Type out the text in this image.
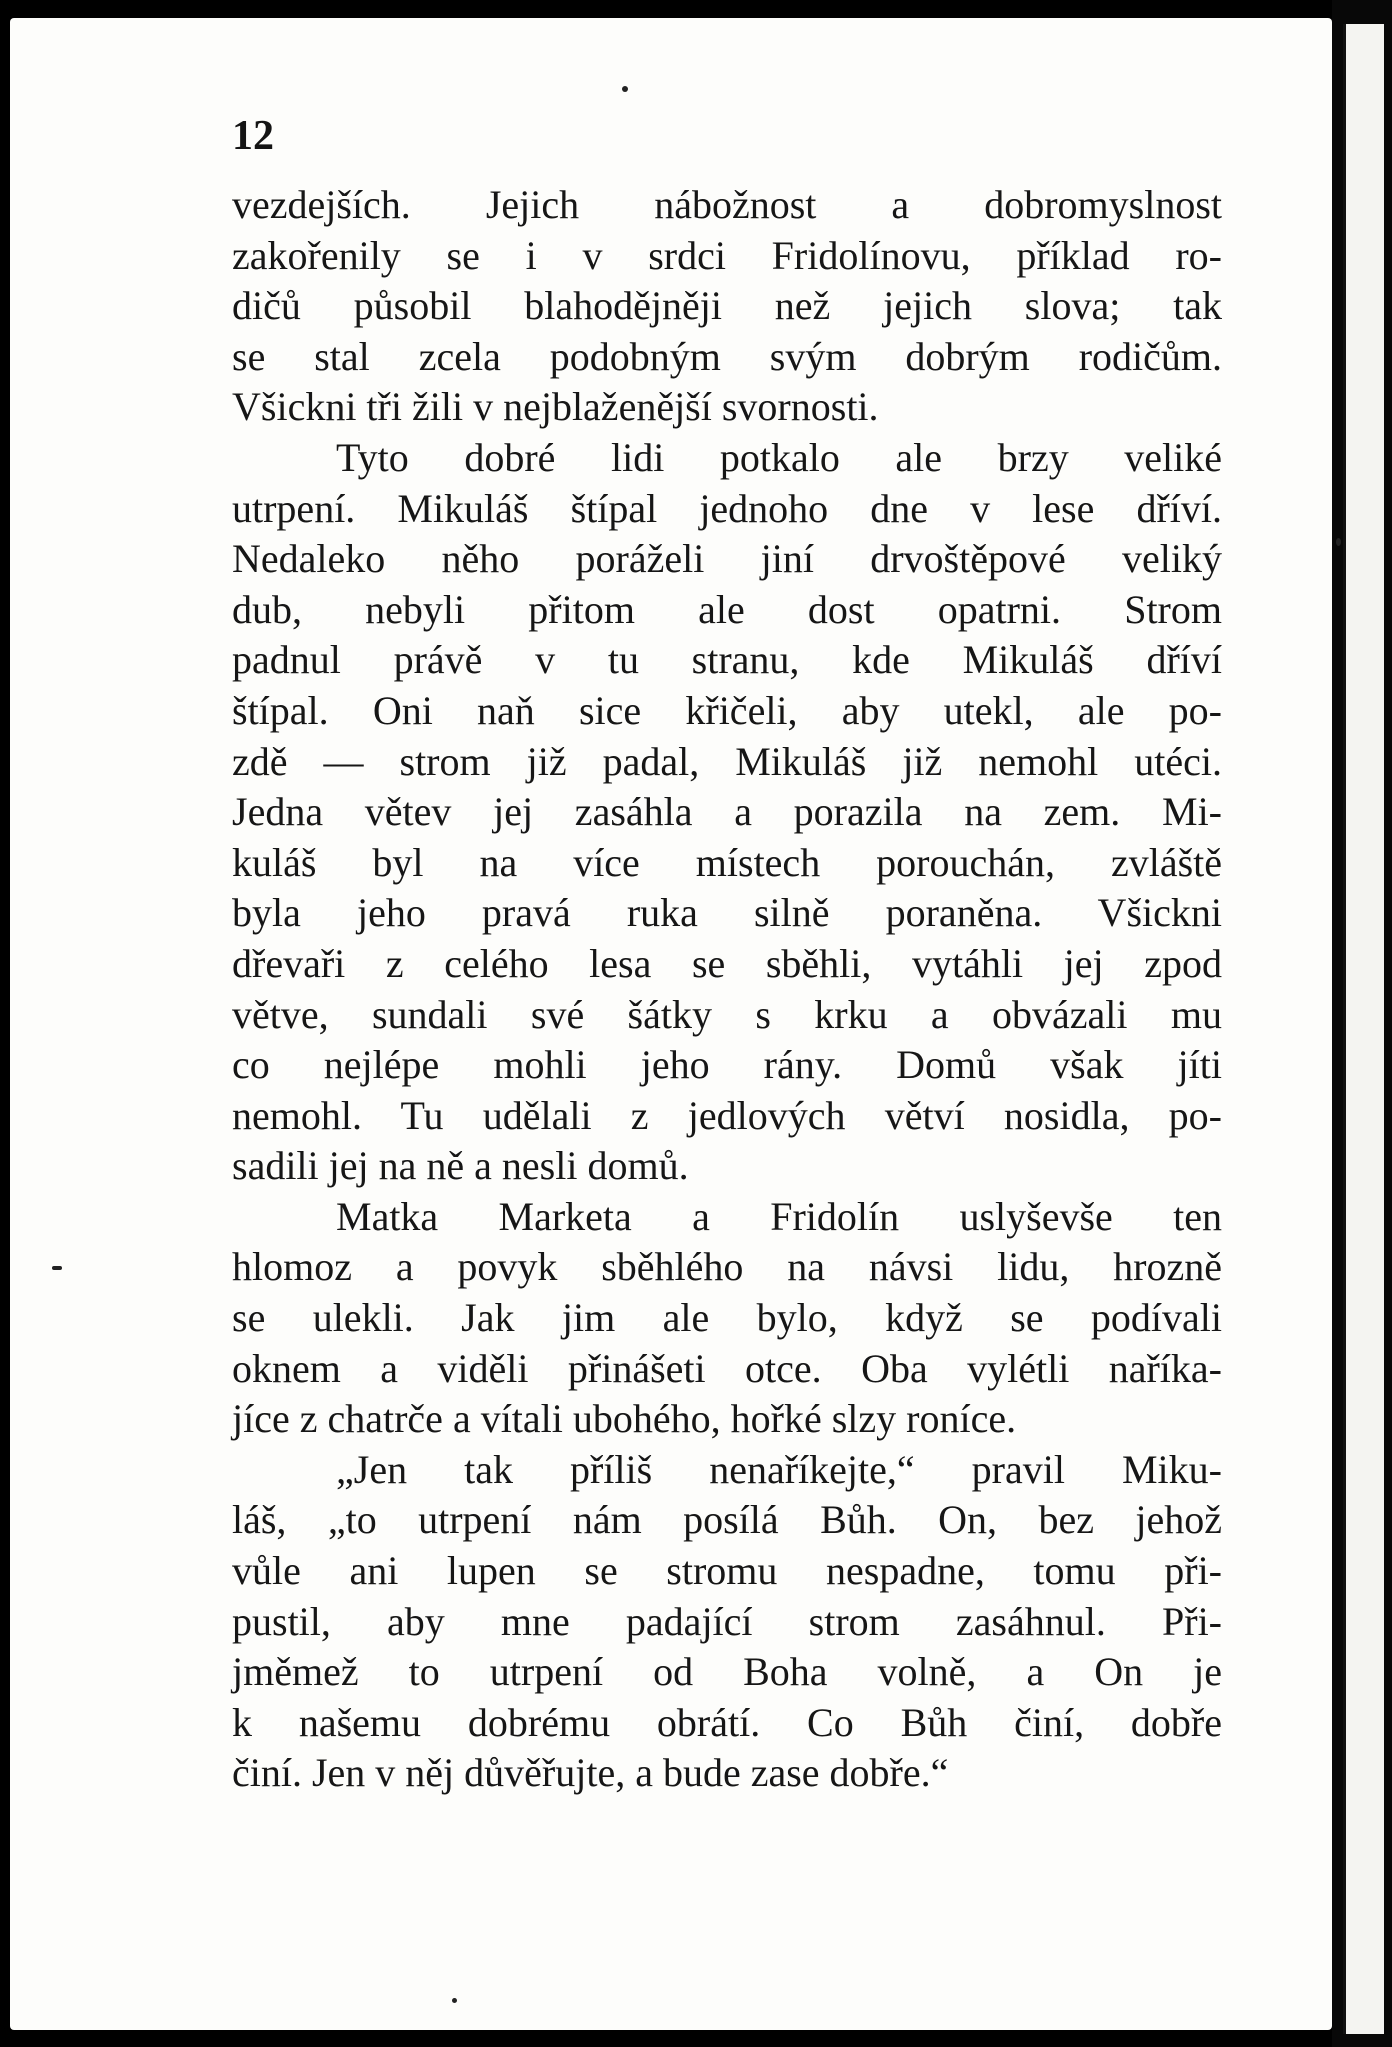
12
vezdejších. Jejich nábožnost a dobromyslnost
zakořenily se i v srdci Fridolínovu, příklad ro-
dičů působil blahodějněji než jejich slova; tak
se stal zcela podobným svým dobrým rodičům.
Všickni tři žili v nejblaženější svornosti.
Tyto dobré lidi potkalo ale brzy veliké
utrpení. Mikuláš štípal jednoho dne v lese dříví.
Nedaleko něho poráželi jiní drvoštěpové veliký
dub, nebyli přitom ale dost opatrni. Strom
padnul právě v tu stranu, kde Mikuláš dříví
štípal. Oni naň sice křičeli, aby utekl, ale po-
zdě — strom již padal, Mikuláš již nemohl utéci.
Jedna větev jej zasáhla a porazila na zem. Mi-
kuláš byl na více místech porouchán, zvláště
byla jeho pravá ruka silně poraněna. Všickni
dřevaři z celého lesa se sběhli, vytáhli jej zpod
větve, sundali své šátky s krku a obvázali mu
co nejlépe mohli jeho rány. Domů však jíti
nemohl. Tu udělali z jedlových větví nosidla, po-
sadili jej na ně a nesli domů.
Matka Marketa a Fridolín uslyševše ten
hlomoz a povyk sběhlého na návsi lidu, hrozně
se ulekli. Jak jim ale bylo, když se podívali
oknem a viděli přinášeti otce. Oba vylétli naříka-
jíce z chatrče a vítali ubohého, hořké slzy roníce.
„Jen tak příliš nenaříkejte,“ pravil Miku-
láš, „to utrpení nám posílá Bůh. On, bez jehož
vůle ani lupen se stromu nespadne, tomu při-
pustil, aby mne padající strom zasáhnul. Při-
jměmež to utrpení od Boha volně, a On je
k našemu dobrému obrátí. Co Bůh činí, dobře
činí. Jen v něj důvěřujte, a bude zase dobře.“
